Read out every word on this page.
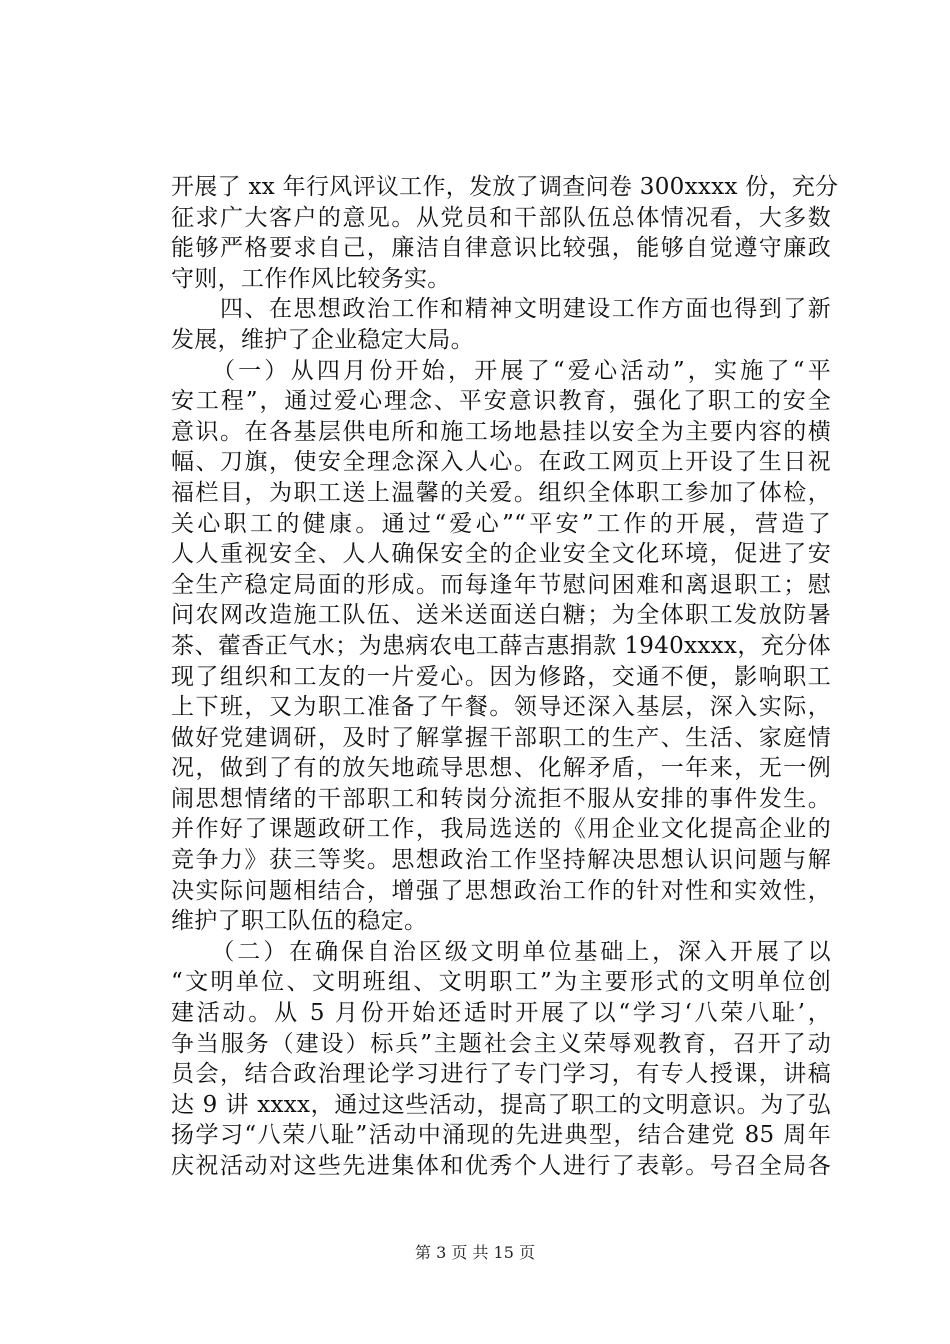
开展了 xx 年行风评议工作，发放了调查问卷 300xxxx 份，充分
征求广大客户的意见。从党员和干部队伍总体情况看，大多数
能够严格要求自己，廉洁自律意识比较强，能够自觉遵守廉政
守则，工作作风比较务实。
　　四、在思想政治工作和精神文明建设工作方面也得到了新
发展，维护了企业稳定大局。
　　（一）从四月份开始，开展了“爱心活动”，实施了“平
安工程”，通过爱心理念、平安意识教育，强化了职工的安全
意识。在各基层供电所和施工场地悬挂以安全为主要内容的横
幅、刀旗，使安全理念深入人心。在政工网页上开设了生日祝
福栏目，为职工送上温馨的关爱。组织全体职工参加了体检，
关心职工的健康。通过“爱心”“平安”工作的开展，营造了
人人重视安全、人人确保安全的企业安全文化环境，促进了安
全生产稳定局面的形成。而每逢年节慰问困难和离退职工；慰
问农网改造施工队伍、送米送面送白糖；为全体职工发放防暑
茶、藿香正气水；为患病农电工薛吉惠捐款 1940xxxx，充分体
现了组织和工友的一片爱心。因为修路，交通不便，影响职工
上下班，又为职工准备了午餐。领导还深入基层，深入实际，
做好党建调研，及时了解掌握干部职工的生产、生活、家庭情
况，做到了有的放矢地疏导思想、化解矛盾，一年来，无一例
闹思想情绪的干部职工和转岗分流拒不服从安排的事件发生。
并作好了课题政研工作，我局选送的《用企业文化提高企业的
竞争力》获三等奖。思想政治工作坚持解决思想认识问题与解
决实际问题相结合，增强了思想政治工作的针对性和实效性，
维护了职工队伍的稳定。
　　（二）在确保自治区级文明单位基础上，深入开展了以
“文明单位、文明班组、文明职工”为主要形式的文明单位创
建活动。从 5 月份开始还适时开展了以“学习‘八荣八耻’，
争当服务（建设）标兵”主题社会主义荣辱观教育，召开了动
员会，结合政治理论学习进行了专门学习，有专人授课，讲稿
达 9 讲 xxxx，通过这些活动，提高了职工的文明意识。为了弘
扬学习“八荣八耻”活动中涌现的先进典型，结合建党 85 周年
庆祝活动对这些先进集体和优秀个人进行了表彰。号召全局各
第 3 页 共 15 页
